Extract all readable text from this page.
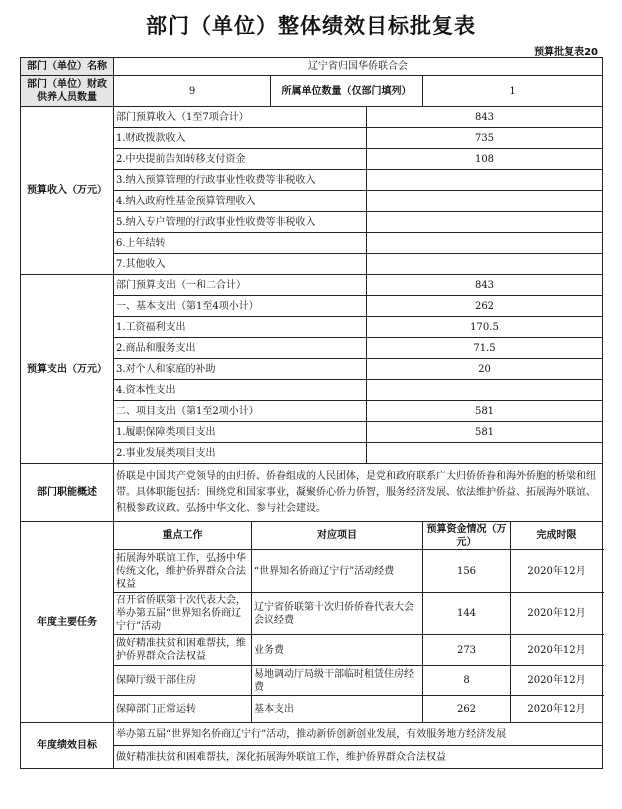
部门（单位）整体绩效目标批复表
预算批复表20
部门（单位）名称	辽宁省归国华侨联合会					
部门（单位）财政供养人员数量	9		所属单位数量（仅部门填列）		1	
预算收入（万元）	部门预算收入（1至7项合计）			843		
	1.财政拨款收入			735		
	2.中央提前告知转移支付资金			108		
	3.纳入预算管理的行政事业性收费等非税收入					
	4.纳入政府性基金预算管理收入					
	5.纳入专户管理的行政事业性收费等非税收入					
	6.上年结转					
	7.其他收入					
预算支出（万元）	部门预算支出（一和二合计）			843		
	一、基本支出（第1至4项小计）			262		
	1.工资福利支出			170.5		
	2.商品和服务支出			71.5		
	3.对个人和家庭的补助			20		
	4.资本性支出					
	二、项目支出（第1至2项小计）			581		
	1.履职保障类项目支出			581		
	2.事业发展类项目支出					
部门职能概述	侨联是中国共产党领导的由归侨、侨眷组成的人民团体，是党和政府联系广大归侨侨眷和海外侨胞的桥梁和纽带。具体职能包括：围绕党和国家事业，凝聚侨心侨力侨智，服务经济发展、依法维护侨益、拓展海外联谊、积极参政议政、弘扬中华文化、参与社会建设。					
年度主要任务	重点工作	对应项目			预算资金情况（万元）	完成时限
	拓展海外联谊工作，弘扬中华传统文化，维护侨界群众合法权益	“世界知名侨商辽宁行”活动经费			156	2020年12月
	召开省侨联第十次代表大会，举办第五届“世界知名侨商辽宁行”活动	辽宁省侨联第十次归侨侨眷代表大会会议经费			144	2020年12月
	做好精准扶贫和困难帮扶，维护侨界群众合法权益	业务费			273	2020年12月
	保障厅级干部住房	易地调动厅局级干部临时租赁住房经费			8	2020年12月
	保障部门正常运转	基本支出			262	2020年12月
年度绩效目标	举办第五届“世界知名侨商辽宁行”活动，推动新侨创新创业发展，有效服务地方经济发展					
	做好精准扶贫和困难帮扶，深化拓展海外联谊工作，维护侨界群众合法权益					
